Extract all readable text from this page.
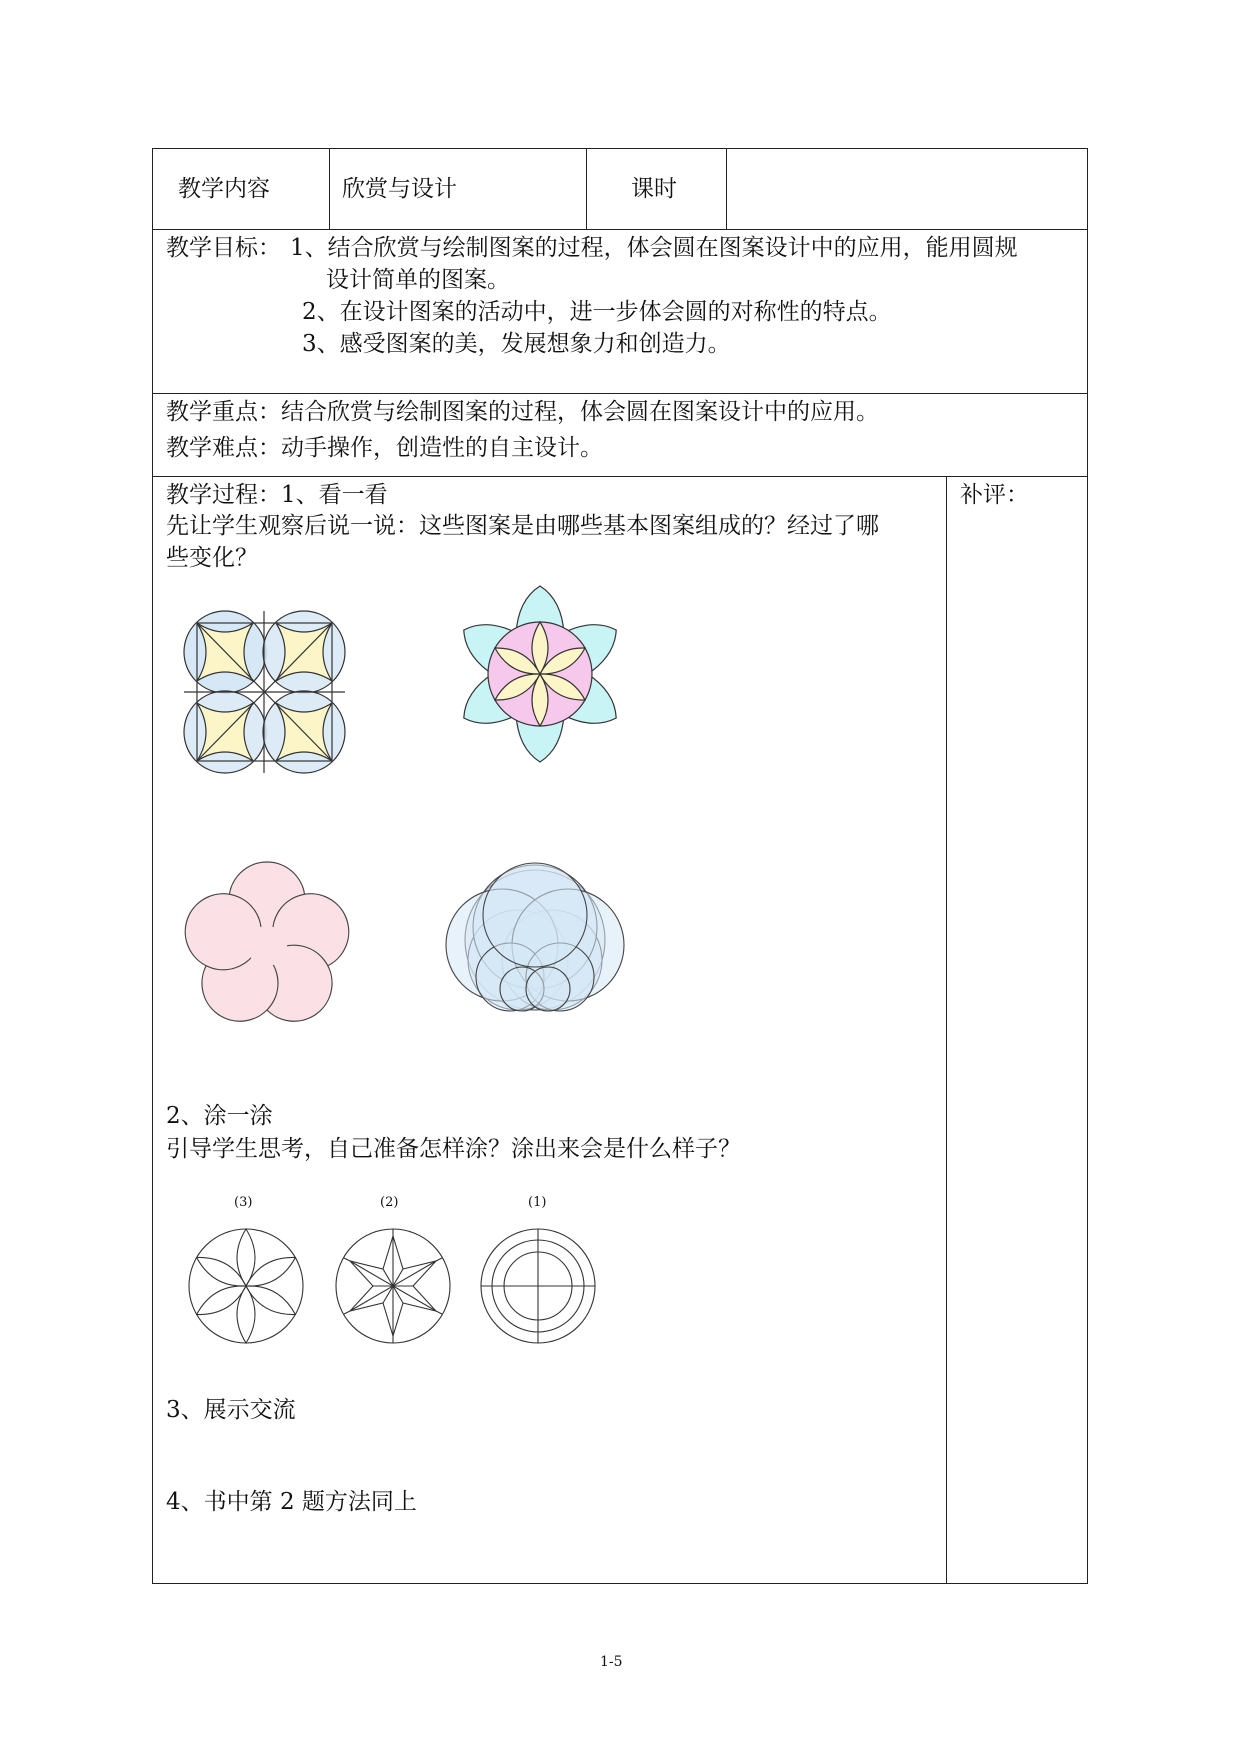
教学内容	欣赏与设计	课时
教学目标： 1、结合欣赏与绘制图案的过程，体会圆在图案设计中的应用，能用圆规
设计简单的图案。
2、在设计图案的活动中，进一步体会圆的对称性的特点。
3、感受图案的美，发展想象力和创造力。
教学重点：结合欣赏与绘制图案的过程，体会圆在图案设计中的应用。
教学难点：动手操作，创造性的自主设计。
教学过程：1、看一看
先让学生观察后说一说：这些图案是由哪些基本图案组成的？经过了哪
些变化？
补评：
2、涂一涂
引导学生思考，自己准备怎样涂？涂出来会是什么样子？
(3)	(2)	(1)
3、展示交流
4、书中第 2 题方法同上
1-5
